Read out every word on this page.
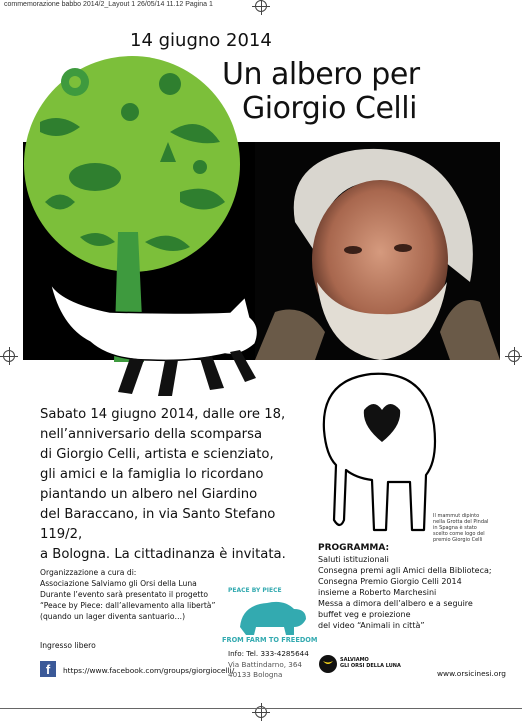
commemorazione babbo 2014/2_Layout 1 26/05/14 11.12 Pagina 1
14 giugno 2014
Un albero per
Giorgio Celli
Sabato 14 giugno 2014, dalle ore 18,
nell’anniversario della scomparsa
di Giorgio Celli, artista e scienziato,
gli amici e la famiglia lo ricordano
piantando un albero nel Giardino
del Baraccano, in via Santo Stefano 119/2,
a Bologna. La cittadinanza è invitata.
Il mammut dipinto nella Grotta del Pindal in Spagna è stato scelto come logo del premio Giorgio Celli
Organizzazione a cura di:
Associazione Salviamo gli Orsi della Luna
Durante l’evento sarà presentato il progetto
“Peace by Piece: dall’allevamento alla libertà”
(quando un lager diventa santuario…)
Ingresso libero
f	https://www.facebook.com/groups/giorgiocelli/
PEACE BY PIECE
FROM FARM TO FREEDOM
Info: Tel. 333-4285644
Via Battindarno, 364
40133 Bologna
PROGRAMMA:
Saluti istituzionali
Consegna premi agli Amici della Biblioteca;
Consegna Premio Giorgio Celli 2014
insieme a Roberto Marchesini
Messa a dimora dell’albero e a seguire
buffet veg e proiezione
del video “Animali in città”
SALVIAMO
GLI ORSI DELLA LUNA
www.orsicinesi.org
